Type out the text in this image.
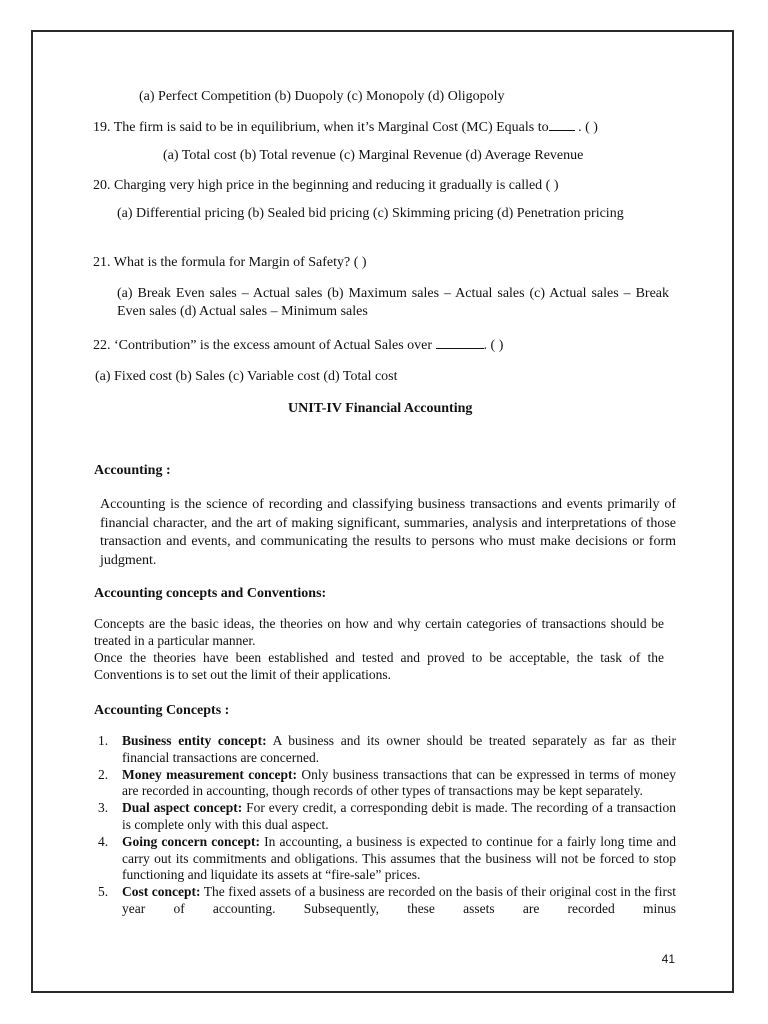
(a) Perfect Competition (b) Duopoly (c) Monopoly (d) Oligopoly
19. The firm is said to be in equilibrium, when it’s Marginal Cost (MC) Equals to . ( )
(a) Total cost (b) Total revenue (c) Marginal Revenue (d) Average Revenue
20. Charging very high price in the beginning and reducing it gradually is called ( )
(a) Differential pricing (b) Sealed bid pricing (c) Skimming pricing (d) Penetration pricing
21. What is the formula for Margin of Safety? ( )
(a) Break Even sales – Actual sales (b) Maximum sales – Actual sales (c) Actual sales – Break Even sales (d) Actual sales – Minimum sales
22. ‘Contribution” is the excess amount of Actual Sales over	. ( )
(a) Fixed cost (b) Sales (c) Variable cost (d) Total cost
UNIT-IV Financial Accounting
Accounting :
Accounting is the science of recording and classifying business transactions and events primarily of financial character, and the art of making significant, summaries, analysis and interpretations of those transaction and events, and communicating the results to persons who must make decisions or form judgment.
Accounting concepts and Conventions:
Concepts are the basic ideas, the theories on how and why certain categories of transactions should be treated in a particular manner.
Once the theories have been established and tested and proved to be acceptable, the task of the Conventions is to set out the limit of their applications.
Accounting Concepts :
1. Business entity concept: A business and its owner should be treated separately as far as their financial transactions are concerned.
2. Money measurement concept: Only business transactions that can be expressed in terms of money are recorded in accounting, though records of other types of transactions may be kept separately.
3. Dual aspect concept: For every credit, a corresponding debit is made. The recording of a transaction is complete only with this dual aspect.
4. Going concern concept: In accounting, a business is expected to continue for a fairly long time and carry out its commitments and obligations. This assumes that the business will not be forced to stop functioning and liquidate its assets at “fire-sale” prices.
5. Cost concept: The fixed assets of a business are recorded on the basis of their original cost in the first year of accounting. Subsequently, these assets are recorded minus
41
